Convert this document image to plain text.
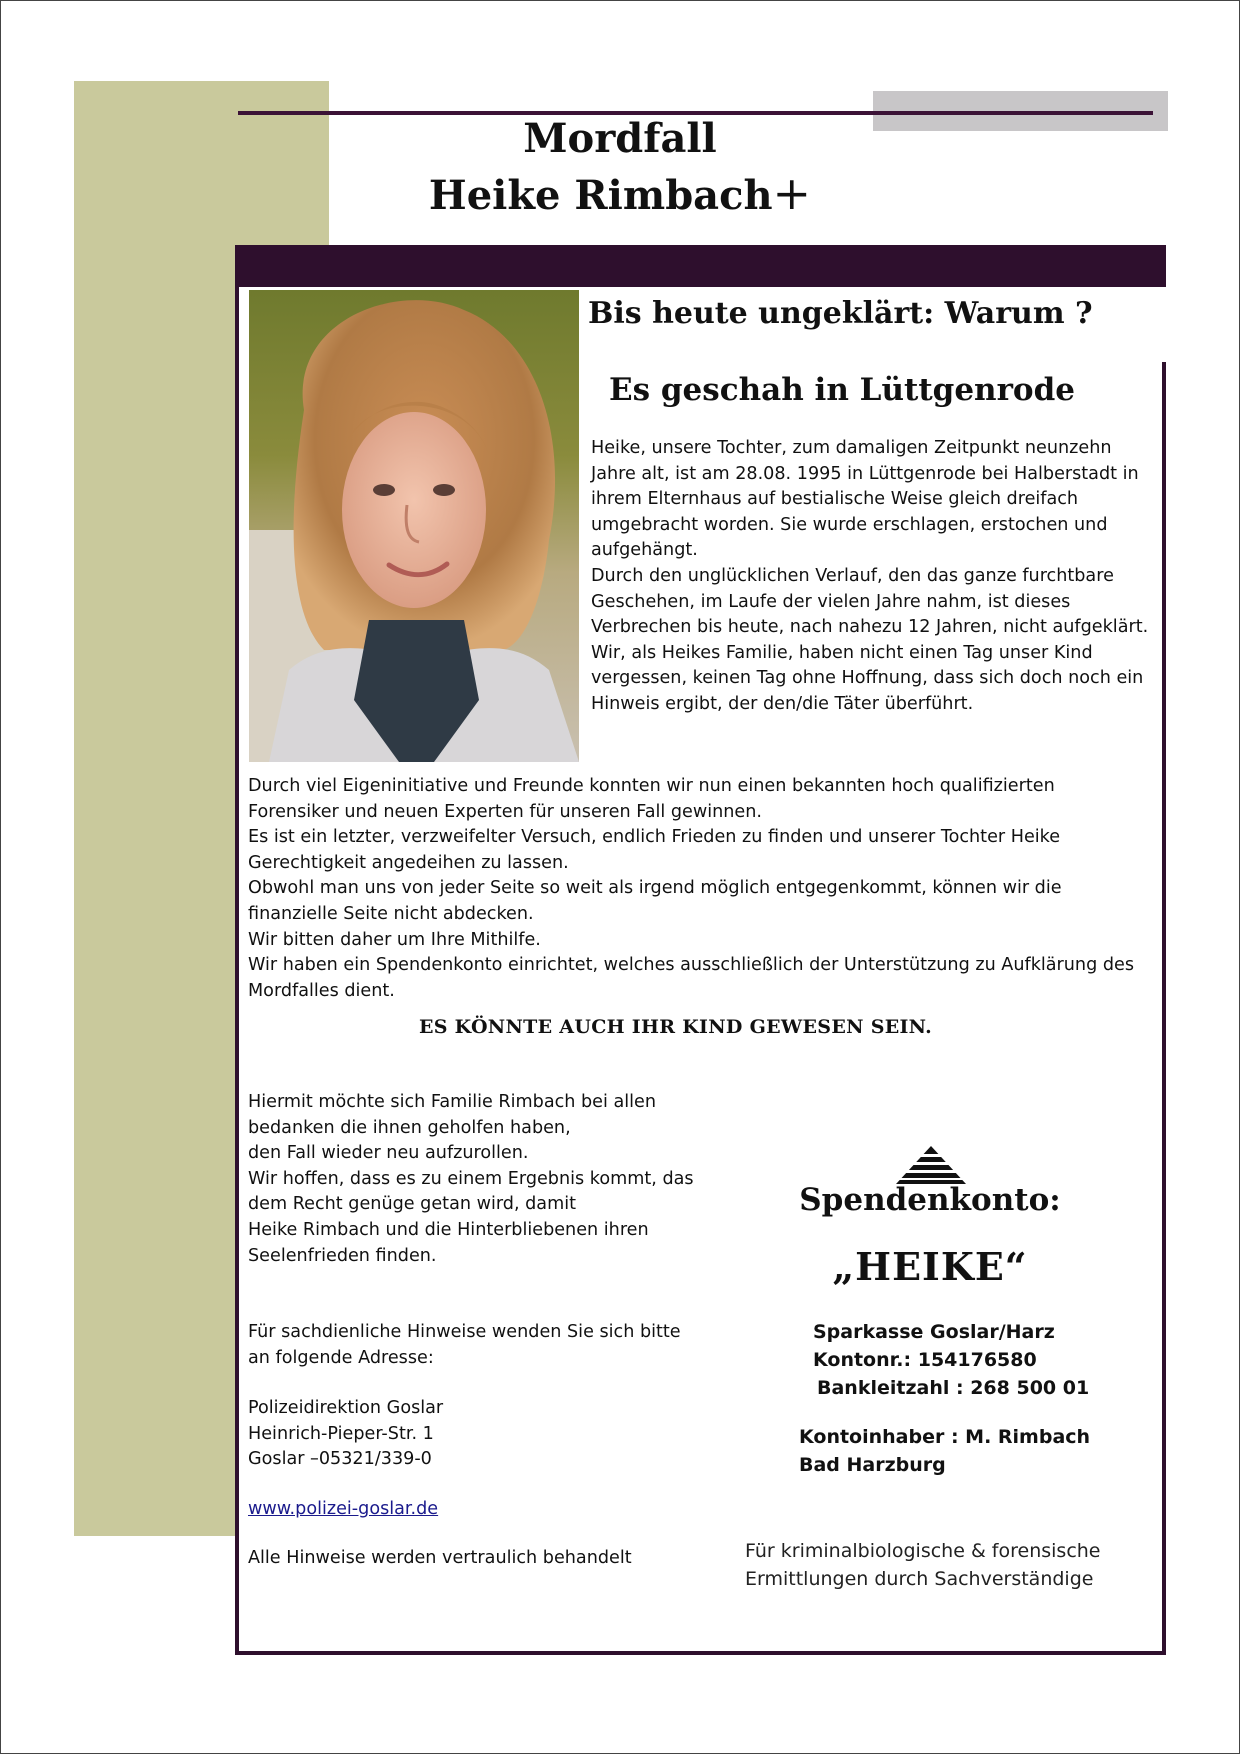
Mordfall
Heike Rimbach+
Bis heute ungeklärt: Warum ?
Es geschah in Lüttgenrode
Heike, unsere Tochter, zum damaligen Zeitpunkt neunzehn
Jahre alt, ist am 28.08. 1995 in Lüttgenrode bei Halberstadt in
ihrem Elternhaus auf bestialische Weise gleich dreifach
umgebracht worden. Sie wurde erschlagen, erstochen und
aufgehängt.
Durch den unglücklichen Verlauf, den das ganze furchtbare
Geschehen, im Laufe der vielen Jahre nahm, ist dieses
Verbrechen bis heute, nach nahezu 12 Jahren, nicht aufgeklärt.
Wir, als Heikes Familie, haben nicht einen Tag unser Kind
vergessen, keinen Tag ohne Hoffnung, dass sich doch noch ein
Hinweis ergibt, der den/die Täter überführt.
Durch viel Eigeninitiative und Freunde konnten wir nun einen bekannten hoch qualifizierten
Forensiker und neuen Experten für unseren Fall gewinnen.
Es ist ein letzter, verzweifelter Versuch, endlich Frieden zu finden und unserer Tochter Heike
Gerechtigkeit angedeihen zu lassen.
Obwohl man uns von jeder Seite so weit als irgend möglich entgegenkommt, können wir die
finanzielle Seite nicht abdecken.
Wir bitten daher um Ihre Mithilfe.
Wir haben ein Spendenkonto einrichtet, welches ausschließlich der Unterstützung zu Aufklärung des
Mordfalles dient.
ES KÖNNTE AUCH IHR KIND GEWESEN SEIN.
Hiermit möchte sich Familie Rimbach bei allen
bedanken die ihnen geholfen haben,
den Fall wieder neu aufzurollen.
Wir hoffen, dass es zu einem Ergebnis kommt, das
dem Recht genüge getan wird, damit
Heike Rimbach und die Hinterbliebenen ihren
Seelenfrieden finden.
Für sachdienliche Hinweise wenden Sie sich bitte
an folgende Adresse:
Polizeidirektion Goslar
Heinrich-Pieper-Str. 1
Goslar –05321/339-0
www.polizei-goslar.de
Alle Hinweise werden vertraulich behandelt
Spendenkonto:
„HEIKE“
Sparkasse Goslar/Harz
Kontonr.: 154176580
Bankleitzahl : 268 500 01
Kontoinhaber : M. Rimbach
Bad Harzburg
Für kriminalbiologische & forensische
Ermittlungen durch Sachverständige
